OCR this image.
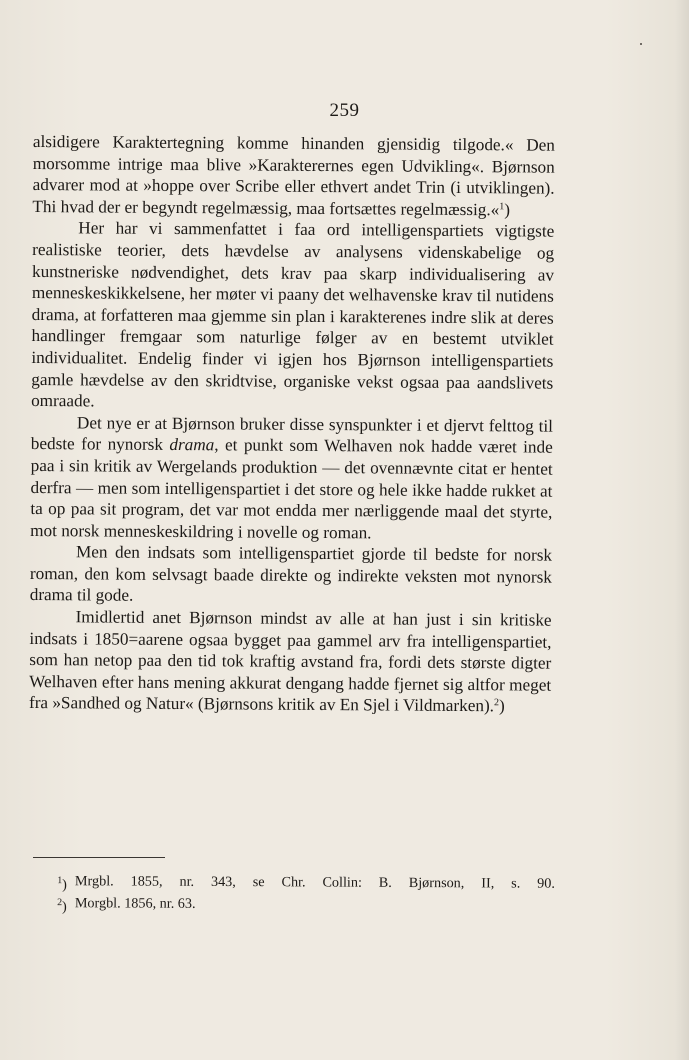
259

alsidigere Karaktertegning komme hinanden gjensidig tilgode.« Den morsomme intrige maa blive »Karakterernes egen Udvikling«. Bjørnson advarer mod at »hoppe over Scribe eller ethvert andet Trin (i utviklingen). Thi hvad der er begyndt regelmæssig, maa fortsættes regelmæssig.«$^1$)

Her har vi sammenfattet i faa ord intelligenspartiets vigtigste realistiske teorier, dets hævdelse av analysens videnskabelige og kunstneriske nødvendighet, dets krav paa skarp individualisering av menneskeskikkelsene, her møter vi paany det welhavenske krav til nutidens drama, at forfatteren maa gjemme sin plan i karakterenes indre slik at deres handlinger fremgaar som naturlige følger av en bestemt utviklet individualitet. Endelig finder vi igjen hos Bjørnson intelligenspartiets gamle hævdelse av den skridtvise, organiske vekst ogsaa paa aandslivets omraade.

Det nye er at Bjørnson bruker disse synspunkter i et djervt felttog til bedste for nynorsk drama, et punkt som Welhaven nok hadde været inde paa i sin kritik av Wergelands produktion — det ovennævnte citat er hentet derfra — men som intelligenspartiet i det store og hele ikke hadde rukket at ta op paa sit program, det var mot endda mer nærliggende maal det styrte, mot norsk menneskeskildring i novelle og roman.

Men den indsats som intelligenspartiet gjorde til bedste for norsk roman, den kom selvsagt baade direkte og indirekte veksten mot nynorsk drama til gode.

Imidlertid anet Bjørnson mindst av alle at han just i sin kritiske indsats i 1850=aarene ogsaa bygget paa gammel arv fra intelligenspartiet, som han netop paa den tid tok kraftig avstand fra, fordi dets største digter Welhaven efter hans mening akkurat dengang hadde fjernet sig altfor meget fra »Sandhed og Natur« (Bjørnsons kritik av En Sjel i Vildmarken).$^2$)

$^1$) Mrgbl. 1855, nr. 343, se Chr. Collin: B. Bjørnson, II, s. 90.
$^2$) Morgbl. 1856, nr. 63.
